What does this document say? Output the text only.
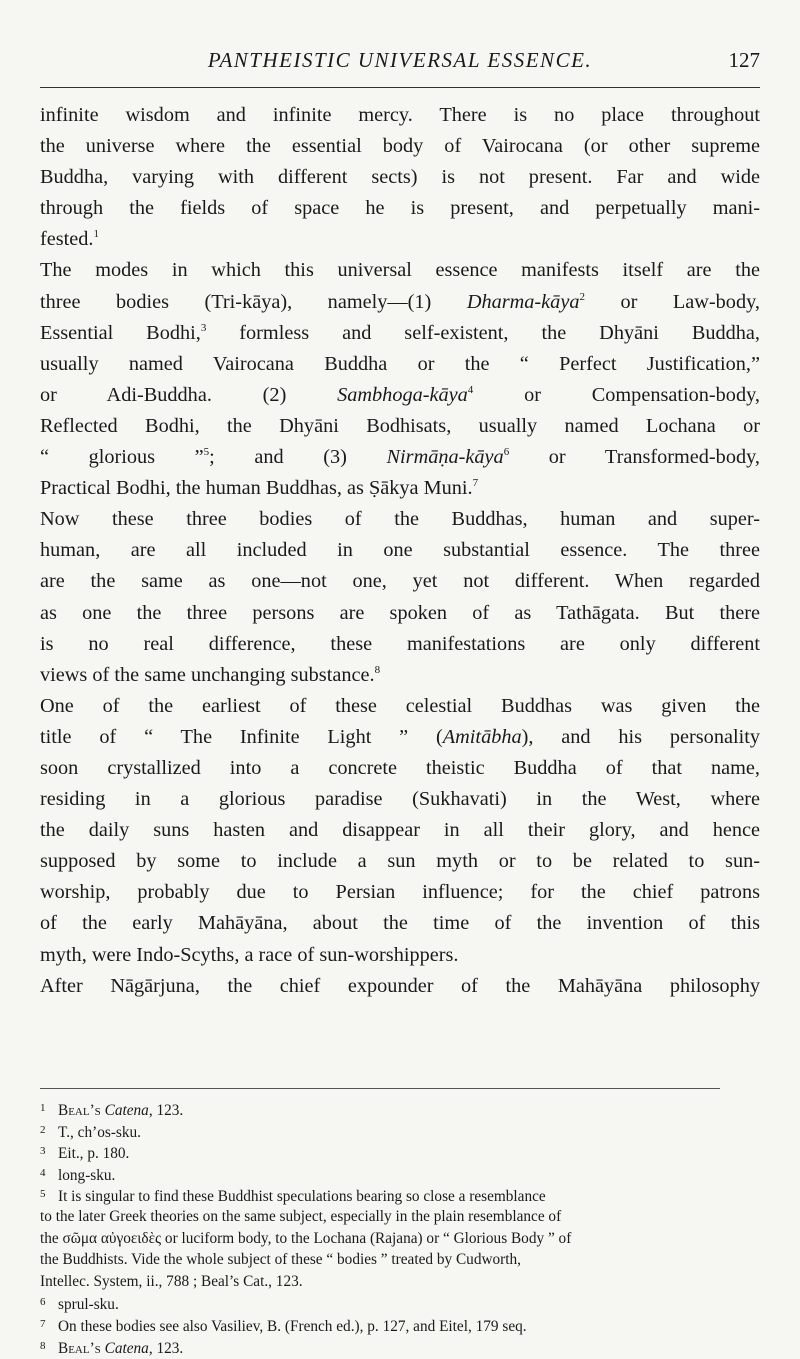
PANTHEISTIC UNIVERSAL ESSENCE.	127
infinite wisdom and infinite mercy. There is no place throughout
the universe where the essential body of Vairocana (or other supreme
Buddha, varying with different sects) is not present. Far and wide
through the fields of space he is present, and perpetually mani-
fested.$^1$
The modes in which this universal essence manifests itself are the
three bodies (Tri-kāya), namely—(1) Dharma-kāya$^2$ or Law-body,
Essential Bodhi,$^3$ formless and self-existent, the Dhyāni Buddha,
usually named Vairocana Buddha or the “ Perfect Justification,”
or Adi-Buddha. (2) Sambhoga-kāya$^4$ or Compensation-body,
Reflected Bodhi, the Dhyāni Bodhisats, usually named Lochana or
“ glorious ”$^5$; and (3) Nirmāṇa-kāya$^6$ or Transformed-body,
Practical Bodhi, the human Buddhas, as Ṣākya Muni.$^7$
Now these three bodies of the Buddhas, human and super-
human, are all included in one substantial essence. The three
are the same as one—not one, yet not different. When regarded
as one the three persons are spoken of as Tathāgata. But there
is no real difference, these manifestations are only different
views of the same unchanging substance.$^8$
One of the earliest of these celestial Buddhas was given the
title of “ The Infinite Light ” (Amitābha), and his personality
soon crystallized into a concrete theistic Buddha of that name,
residing in a glorious paradise (Sukhavati) in the West, where
the daily suns hasten and disappear in all their glory, and hence
supposed by some to include a sun myth or to be related to sun-
worship, probably due to Persian influence; for the chief patrons
of the early Mahāyāna, about the time of the invention of this
myth, were Indo-Scyths, a race of sun-worshippers.
After Nāgārjuna, the chief expounder of the Mahāyāna philosophy
1 Beal’s Catena, 123.
2 T., ch’os-sku.
3 Eit., p. 180.
4 long-sku.
5 It is singular to find these Buddhist speculations bearing so close a resemblance
to the later Greek theories on the same subject, especially in the plain resemblance of
the σῶμα αὐγοειδὲς or luciform body, to the Lochana (Rajana) or “ Glorious Body ” of
the Buddhists. Vide the whole subject of these “ bodies ” treated by Cudworth,
Intellec. System, ii., 788 ; Beal’s Cat., 123.
6 sprul-sku.
7 On these bodies see also Vasiliev, B. (French ed.), p. 127, and Eitel, 179 seq.
8 Beal’s Catena, 123.
